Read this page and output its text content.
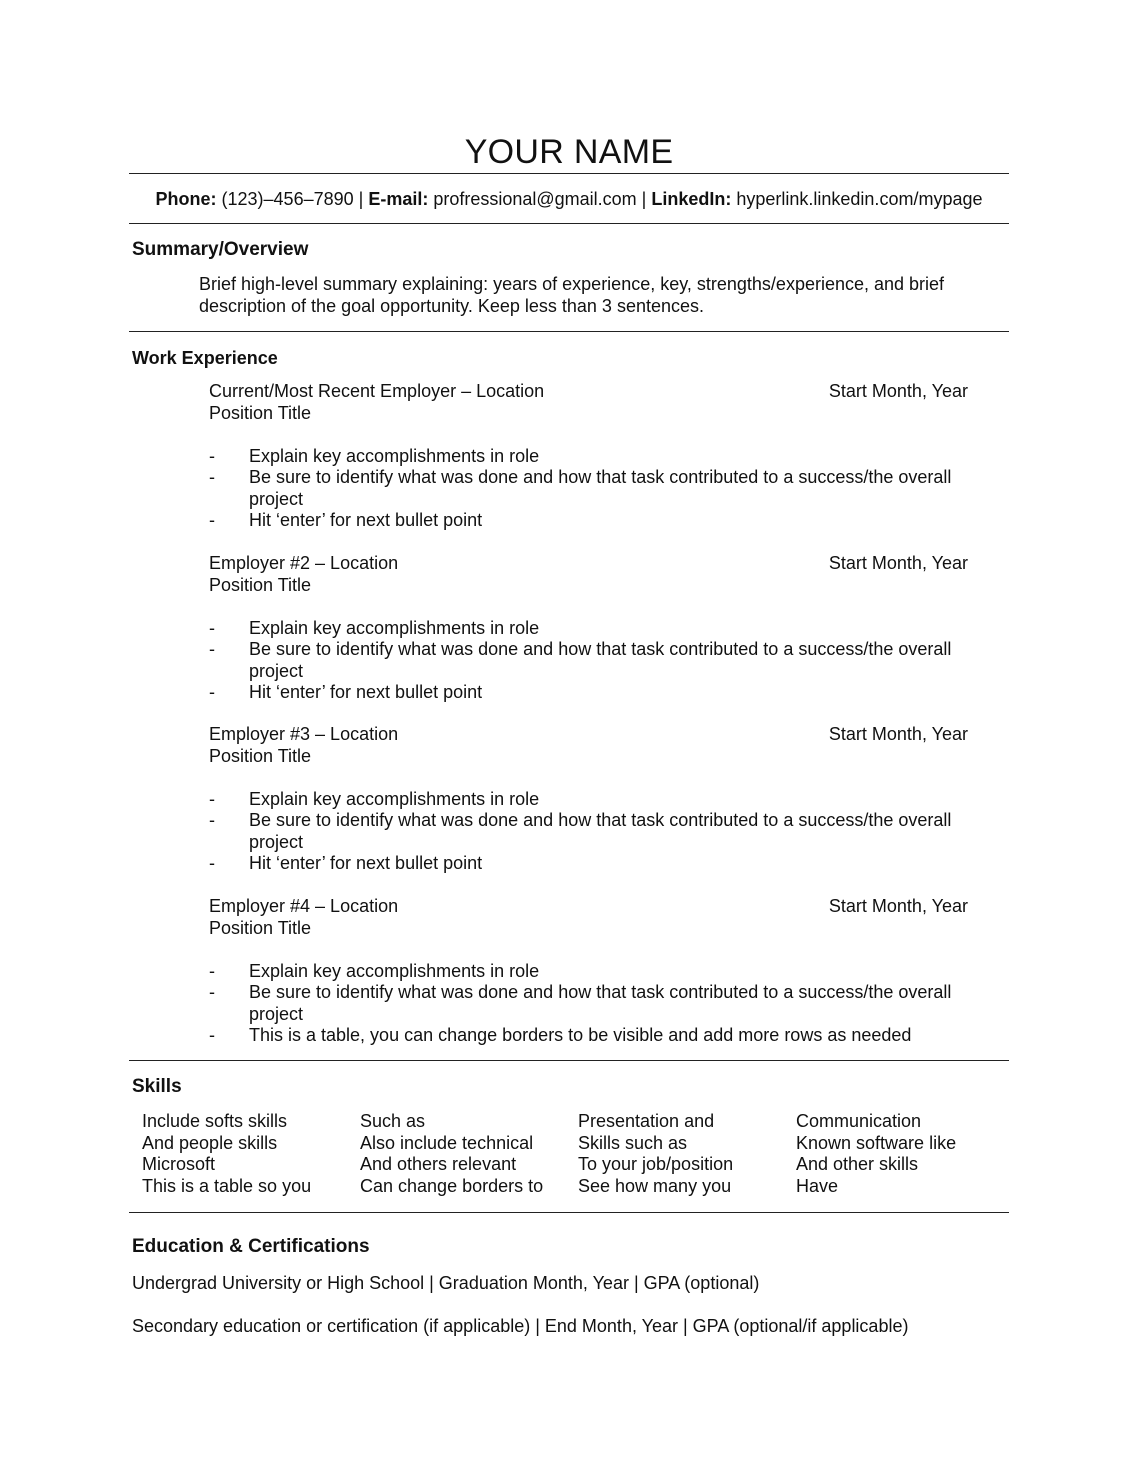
YOUR NAME
Phone: (123)–456–7890 | E-mail: profressional@gmail.com | LinkedIn: hyperlink.linkedin.com/mypage
Summary/Overview
Brief high-level summary explaining: years of experience, key, strengths/experience, and brief description of the goal opportunity. Keep less than 3 sentences.
Work Experience
Current/Most Recent Employer – Location	Start Month, Year
Position Title
- Explain key accomplishments in role
- Be sure to identify what was done and how that task contributed to a success/the overall project
- Hit ‘enter’ for next bullet point
Employer #2 – Location	Start Month, Year
Position Title
- Explain key accomplishments in role
- Be sure to identify what was done and how that task contributed to a success/the overall project
- Hit ‘enter’ for next bullet point
Employer #3 – Location	Start Month, Year
Position Title
- Explain key accomplishments in role
- Be sure to identify what was done and how that task contributed to a success/the overall project
- Hit ‘enter’ for next bullet point
Employer #4 – Location	Start Month, Year
Position Title
- Explain key accomplishments in role
- Be sure to identify what was done and how that task contributed to a success/the overall project
- This is a table, you can change borders to be visible and add more rows as needed
Skills
Include softs skills	Such as	Presentation and	Communication
And people skills	Also include technical	Skills such as	Known software like
Microsoft	And others relevant	To your job/position	And other skills
This is a table so you	Can change borders to	See how many you	Have
Education & Certifications
Undergrad University or High School | Graduation Month, Year | GPA (optional)
Secondary education or certification (if applicable) | End Month, Year | GPA (optional/if applicable)
